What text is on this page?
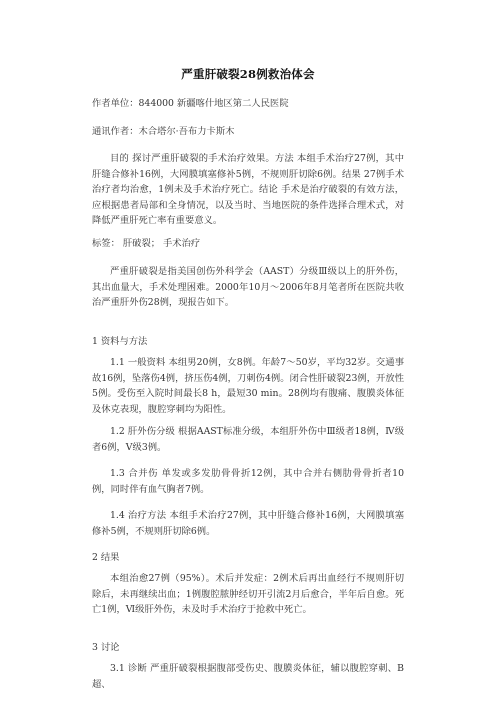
严重肝破裂28例救治体会

作者单位：844000 新疆喀什地区第二人民医院

通讯作者：木合塔尔·吾布力卡斯木

目的 探讨严重肝破裂的手术治疗效果。方法 本组手术治疗27例，其中肝缝合修补16例，大网膜填塞修补5例，不规则肝切除6例。结果 27例手术治疗者均治愈，1例未及手术治疗死亡。结论 手术是治疗破裂的有效方法，应根据患者局部和全身情况，以及当时、当地医院的条件选择合理术式，对降低严重肝死亡率有重要意义。

标签： 肝破裂； 手术治疗

严重肝破裂是指美国创伤外科学会（AAST）分级Ⅲ级以上的肝外伤，其出血量大，手术处理困难。2000年10月～2006年8月笔者所在医院共收治严重肝外伤28例，现报告如下。

1 资料与方法

1.1 一般资料 本组男20例，女8例。年龄7～50岁，平均32岁。交通事故16例，坠落伤4例，挤压伤4例，刀刺伤4例。闭合性肝破裂23例，开放性5例。受伤至入院时间最长8 h，最短30 min。28例均有腹痛、腹膜炎体征及休克表现，腹腔穿刺均为阳性。

1.2 肝外伤分级 根据AAST标准分级，本组肝外伤中Ⅲ级者18例，Ⅳ级者6例，Ⅴ级3例。

1.3 合并伤 单发或多发肋骨骨折12例，其中合并右侧肋骨骨折者10例，同时伴有血气胸者7例。

1.4 治疗方法 本组手术治疗27例，其中肝缝合修补16例，大网膜填塞修补5例，不规则肝切除6例。

2 结果

本组治愈27例（95%）。术后并发症：2例术后再出血经行不规则肝切除后，未再继续出血；1例腹腔脓肿经切开引流2月后愈合，半年后自愈。死亡1例，Ⅵ级肝外伤，未及时手术治疗于抢救中死亡。

3 讨论

3.1 诊断 严重肝破裂根据腹部受伤史、腹膜炎体征，辅以腹腔穿刺、B超、
